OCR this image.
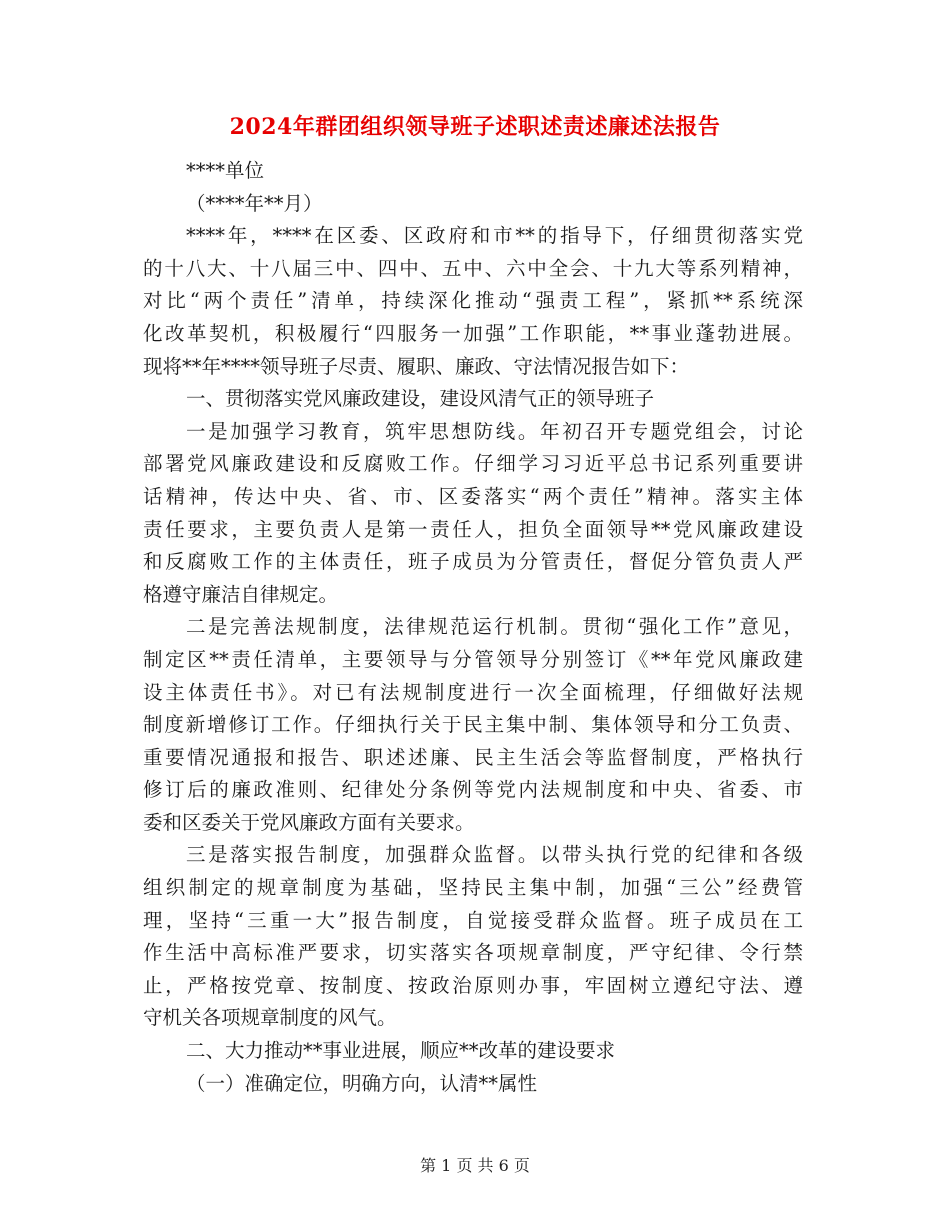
2024年群团组织领导班子述职述责述廉述法报告
****单位
（****年**月）
****年，****在区委、区政府和市**的指导下，仔细贯彻落实党
的十八大、十八届三中、四中、五中、六中全会、十九大等系列精神，
对比“两个责任”清单，持续深化推动“强责工程”，紧抓**系统深
化改革契机，积极履行“四服务一加强”工作职能，**事业蓬勃进展。
现将**年****领导班子尽责、履职、廉政、守法情况报告如下：
一、贯彻落实党风廉政建设，建设风清气正的领导班子
一是加强学习教育，筑牢思想防线。年初召开专题党组会，讨论
部署党风廉政建设和反腐败工作。仔细学习习近平总书记系列重要讲
话精神，传达中央、省、市、区委落实“两个责任”精神。落实主体
责任要求，主要负责人是第一责任人，担负全面领导**党风廉政建设
和反腐败工作的主体责任，班子成员为分管责任，督促分管负责人严
格遵守廉洁自律规定。
二是完善法规制度，法律规范运行机制。贯彻“强化工作”意见，
制定区**责任清单，主要领导与分管领导分别签订《**年党风廉政建
设主体责任书》。对已有法规制度进行一次全面梳理，仔细做好法规
制度新增修订工作。仔细执行关于民主集中制、集体领导和分工负责、
重要情况通报和报告、职述述廉、民主生活会等监督制度，严格执行
修订后的廉政准则、纪律处分条例等党内法规制度和中央、省委、市
委和区委关于党风廉政方面有关要求。
三是落实报告制度，加强群众监督。以带头执行党的纪律和各级
组织制定的规章制度为基础，坚持民主集中制，加强“三公”经费管
理，坚持“三重一大”报告制度，自觉接受群众监督。班子成员在工
作生活中高标准严要求，切实落实各项规章制度，严守纪律、令行禁
止，严格按党章、按制度、按政治原则办事，牢固树立遵纪守法、遵
守机关各项规章制度的风气。
二、大力推动**事业进展，顺应**改革的建设要求
（一）准确定位，明确方向，认清**属性
第 1 页 共 6 页
